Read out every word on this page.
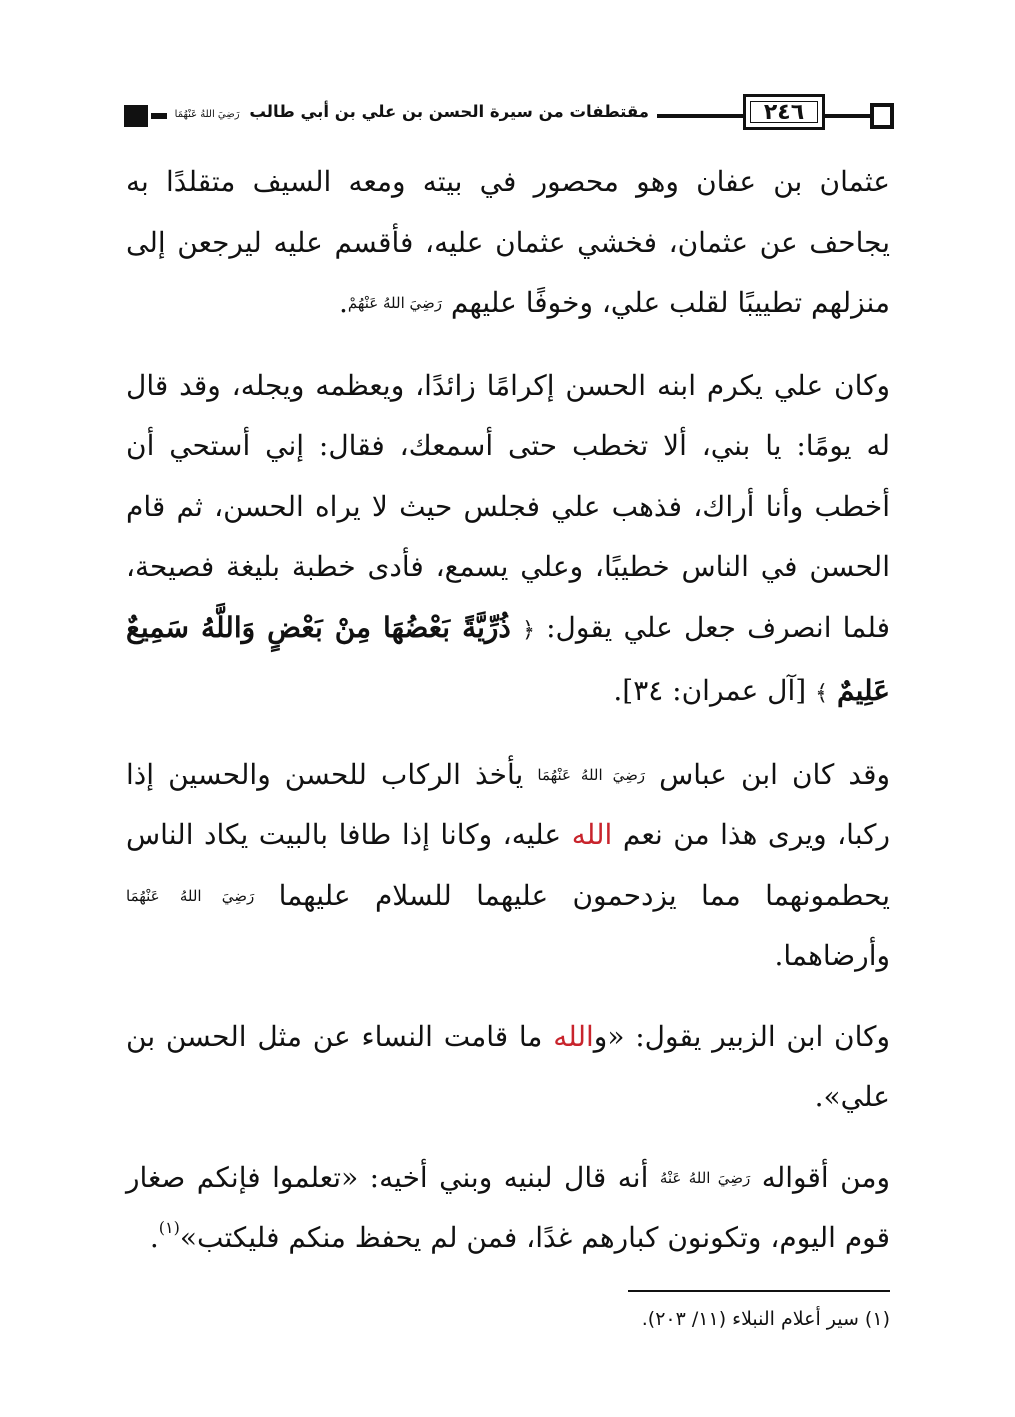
٢٤٦
مقتطفات من سيرة الحسن بن علي بن أبي طالب رَضِيَ اللهُ عَنْهُمَا

عثمان بن عفان وهو محصور في بيته ومعه السيف متقلدًا به يجاحف عن عثمان، فخشي عثمان عليه، فأقسم عليه ليرجعن إلى منزلهم تطييبًا لقلب علي، وخوفًا عليهم رَضِيَ اللهُ عَنْهُمْ.

وكان علي يكرم ابنه الحسن إكرامًا زائدًا، ويعظمه ويجله، وقد قال له يومًا: يا بني، ألا تخطب حتى أسمعك، فقال: إني أستحي أن أخطب وأنا أراك، فذهب علي فجلس حيث لا يراه الحسن، ثم قام الحسن في الناس خطيبًا، وعلي يسمع، فأدى خطبة بليغة فصيحة، فلما انصرف جعل علي يقول: ﴿ ذُرِّيَّةً بَعْضُهَا مِنْ بَعْضٍ وَاللَّهُ سَمِيعٌ عَلِيمٌ ﴾ [آل عمران: ٣٤].

وقد كان ابن عباس رَضِيَ اللهُ عَنْهُمَا يأخذ الركاب للحسن والحسين إذا ركبا، ويرى هذا من نعم الله عليه، وكانا إذا طافا بالبيت يكاد الناس يحطمونهما مما يزدحمون عليهما للسلام عليهما رَضِيَ اللهُ عَنْهُمَا وأرضاهما.

وكان ابن الزبير يقول: «والله ما قامت النساء عن مثل الحسن بن علي».

ومن أقواله رَضِيَ اللهُ عَنْهُ أنه قال لبنيه وبني أخيه: «تعلموا فإنكم صغار قوم اليوم، وتكونون كبارهم غدًا، فمن لم يحفظ منكم فليكتب»$^{(١)}$.

(١) سير أعلام النبلاء (١١/ ٢٠٣).
